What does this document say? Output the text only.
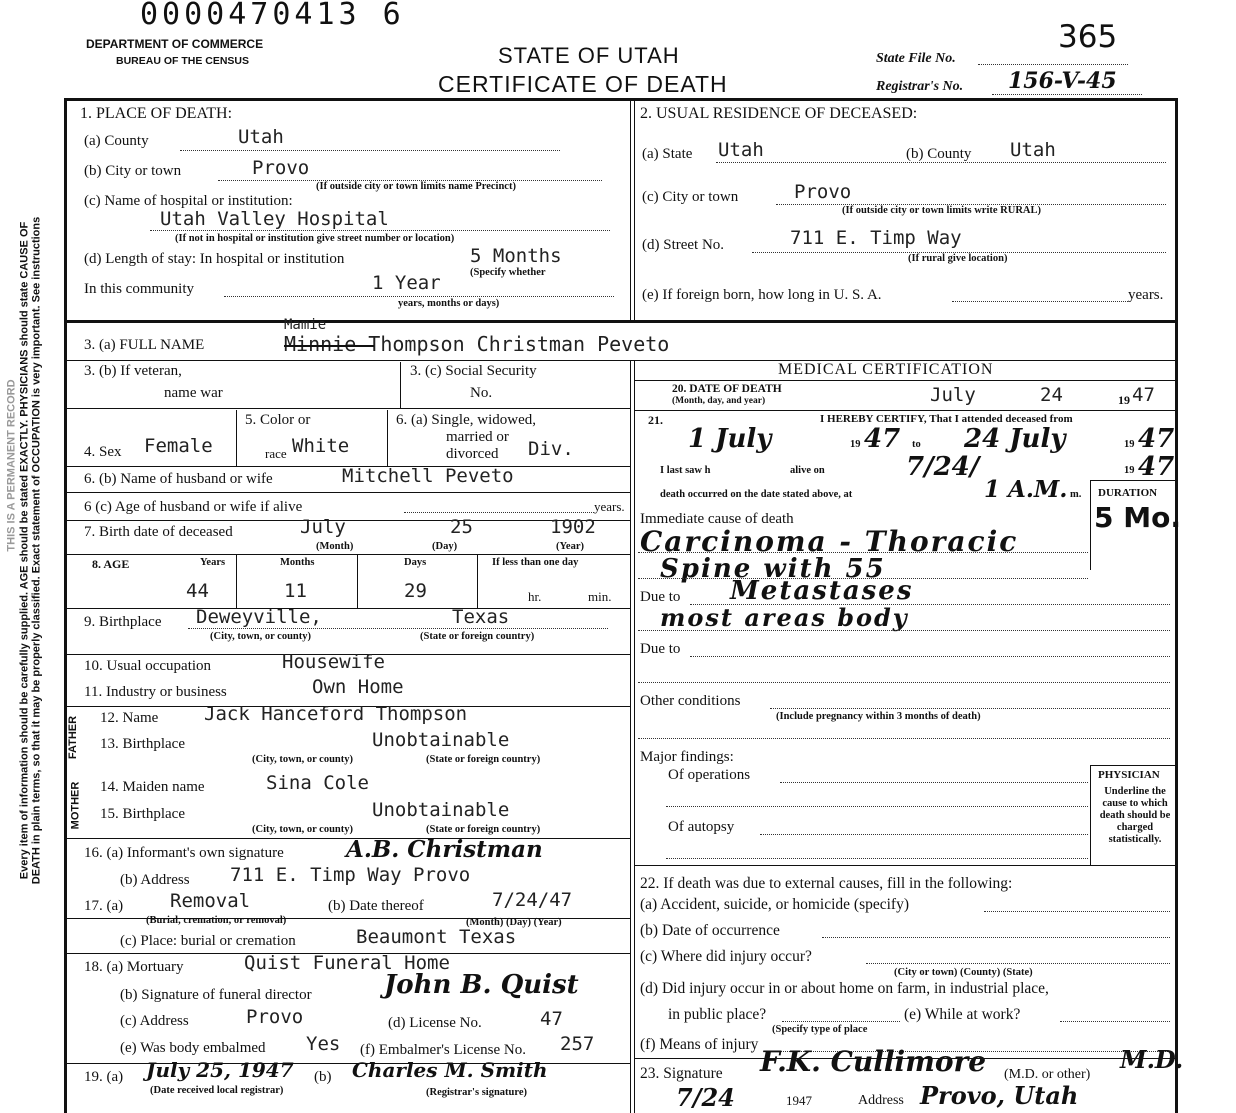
0000470413 6
DEPARTMENT OF COMMERCE
BUREAU OF THE CENSUS	STATE OF UTAH
CERTIFICATE OF DEATH
State File No.
365
Registrar's No. 156-V-45
Every item of information should be carefully supplied. AGE should be stated EXACTLY. PHYSICIANS should state CAUSE OF DEATH in plain terms, so that it may be properly classified. Exact statement of OCCUPATION is very important. See instructions
THIS IS A PERMANENT RECORD
1. PLACE OF DEATH:
(a) County	Utah
(b) City or town	Provo
(If outside city or town limits name Precinct)
(c) Name of hospital or institution:
Utah Valley Hospital
(If not in hospital or institution give street number or location)
(d) Length of stay: In hospital or institution	5 Months
(Specify whether
In this community	1 Year
years, months or days)
2. USUAL RESIDENCE OF DECEASED:
(a) State Utah	(b) County Utah
(c) City or town	Provo
(If outside city or town limits write RURAL)
(d) Street No.	711 E. Timp Way
(If rural give location)
(e) If foreign born, how long in U. S. A.	years.
3. (a) FULL NAME
Mamie
Minnie Thompson Christman Peveto
3. (b) If veteran,
name war
3. (c) Social Security
No.
4. Sex Female
5. Color or
race White
6. (a) Single, widowed,
married or
divorced Div.
6. (b) Name of husband or wife	Mitchell Peveto
6 (c) Age of husband or wife if alive	years.
7. Birth date of deceased	July	25	1902
(Month)	(Day)	(Year)
8. AGE	Years	Months	Days	If less than one day
44	11	29	hr.	min.
9. Birthplace Deweyville,	Texas
(City, town, or county)	(State or foreign country)
10. Usual occupation	Housewife
11. Industry or business	Own Home
FATHER
MOTHER
12. Name Jack Hanceford Thompson
13. Birthplace	Unobtainable
(City, town, or county)	(State or foreign country)
14. Maiden name	Sina Cole
15. Birthplace	Unobtainable
(City, town, or county)	(State or foreign country)
16. (a) Informant's own signature	A.B. Christman
(b) Address 711 E. Timp Way Provo
17. (a) Removal
(Burial, cremation, or removal)
(b) Date thereof	7/24/47
(Month) (Day) (Year)
(c) Place: burial or cremation	Beaumont Texas
18. (a) Mortuary	Quist Funeral Home
(b) Signature of funeral director	John B. Quist
(c) Address	Provo	(d) License No.	47
(e) Was body embalmed Yes (f) Embalmer's License No. 257
19. (a) July 25, 1947
(Date received local registrar)
(b) Charles M. Smith
(Registrar's signature)
MEDICAL CERTIFICATION
20. DATE OF DEATH
(Month, day, and year)	July	24	19 47
21.	I HEREBY CERTIFY, That I attended deceased from
1 July	19 47 to 24 July	19 47
I last saw h	alive on	7/24/	19 47
death occurred on the date stated above, at	1 A.M. m. DURATION
5 Mo.
Immediate cause of death
Carcinoma - Thoracic
Spine with 55
Due to Metastases
most areas body
Due to
Other conditions
(Include pregnancy within 3 months of death)
Major findings:
Of operations
Of autopsy
PHYSICIAN
Underline the cause to which death should be charged statistically.
22. If death was due to external causes, fill in the following:
(a) Accident, suicide, or homicide (specify)
(b) Date of occurrence
(c) Where did injury occur?
(City or town) (County) (State)
(d) Did injury occur in or about home on farm, in industrial place,
in public place?
(Specify type of place
(e) While at work?
(f) Means of injury
23. Signature F.K. Cullimore (M.D. or other)
M.D.
7/24	1947	Address Provo, Utah
